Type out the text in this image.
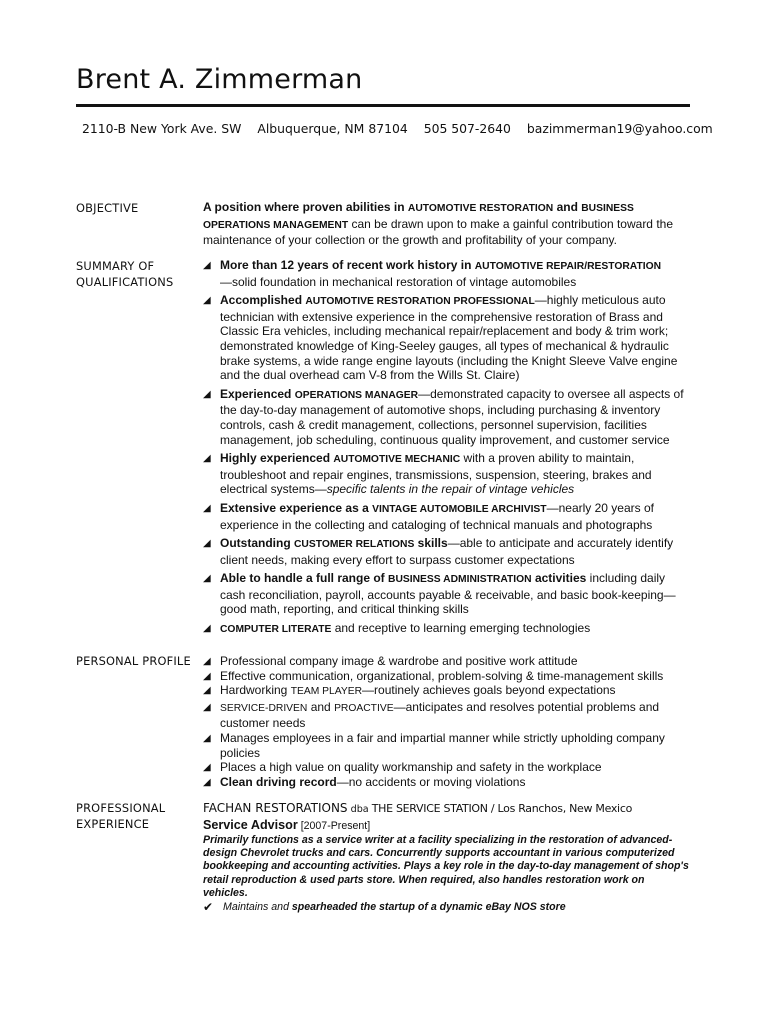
Brent A. Zimmerman

2110-B New York Ave. SW Albuquerque, NM 87104 505 507-2640 bazimmerman19@yahoo.com

OBJECTIVE	A position where proven abilities in AUTOMOTIVE RESTORATION and BUSINESS
OPERATIONS MANAGEMENT can be drawn upon to make a gainful contribution toward the maintenance of your collection or the growth and profitability of your company.

SUMMARY OF QUALIFICATIONS

◢ More than 12 years of recent work history in AUTOMOTIVE REPAIR/RESTORATION
—solid foundation in mechanical restoration of vintage automobiles

◢ Accomplished AUTOMOTIVE RESTORATION PROFESSIONAL—highly meticulous auto technician with extensive experience in the comprehensive restoration of Brass and Classic Era vehicles, including mechanical repair/replacement and body & trim work; demonstrated knowledge of King-Seeley gauges, all types of mechanical & hydraulic brake systems, a wide range engine layouts (including the Knight Sleeve Valve engine and the dual overhead cam V-8 from the Wills St. Claire)

◢ Experienced OPERATIONS MANAGER—demonstrated capacity to oversee all aspects of the day-to-day management of automotive shops, including purchasing & inventory controls, cash & credit management, collections, personnel supervision, facilities management, job scheduling, continuous quality improvement, and customer service

◢ Highly experienced AUTOMOTIVE MECHANIC with a proven ability to maintain, troubleshoot and repair engines, transmissions, suspension, steering, brakes and electrical systems—specific talents in the repair of vintage vehicles

◢ Extensive experience as a VINTAGE AUTOMOBILE ARCHIVIST—nearly 20 years of experience in the collecting and cataloging of technical manuals and photographs

◢ Outstanding CUSTOMER RELATIONS skills—able to anticipate and accurately identify client needs, making every effort to surpass customer expectations

◢ Able to handle a full range of BUSINESS ADMINISTRATION activities including daily cash reconciliation, payroll, accounts payable & receivable, and basic book-keeping—good math, reporting, and critical thinking skills

◢ COMPUTER LITERATE and receptive to learning emerging technologies

PERSONAL PROFILE	◢ Professional company image & wardrobe and positive work attitude

◢ Effective communication, organizational, problem-solving & time-management skills

◢ Hardworking TEAM PLAYER—routinely achieves goals beyond expectations

◢ SERVICE-DRIVEN and PROACTIVE—anticipates and resolves potential problems and customer needs

◢ Manages employees in a fair and impartial manner while strictly upholding company policies

◢ Places a high value on quality workmanship and safety in the workplace

◢ Clean driving record—no accidents or moving violations

PROFESSIONAL EXPERIENCE

FACHAN RESTORATIONS dba THE SERVICE STATION / Los Ranchos, New Mexico

Service Advisor [2007-Present]

Primarily functions as a service writer at a facility specializing in the restoration of advanced-design Chevrolet trucks and cars. Concurrently supports accountant in various computerized bookkeeping and accounting activities. Plays a key role in the day-to-day management of shop's retail reproduction & used parts store. When required, also handles restoration work on vehicles.

✔ Maintains and spearheaded the startup of a dynamic eBay NOS store
